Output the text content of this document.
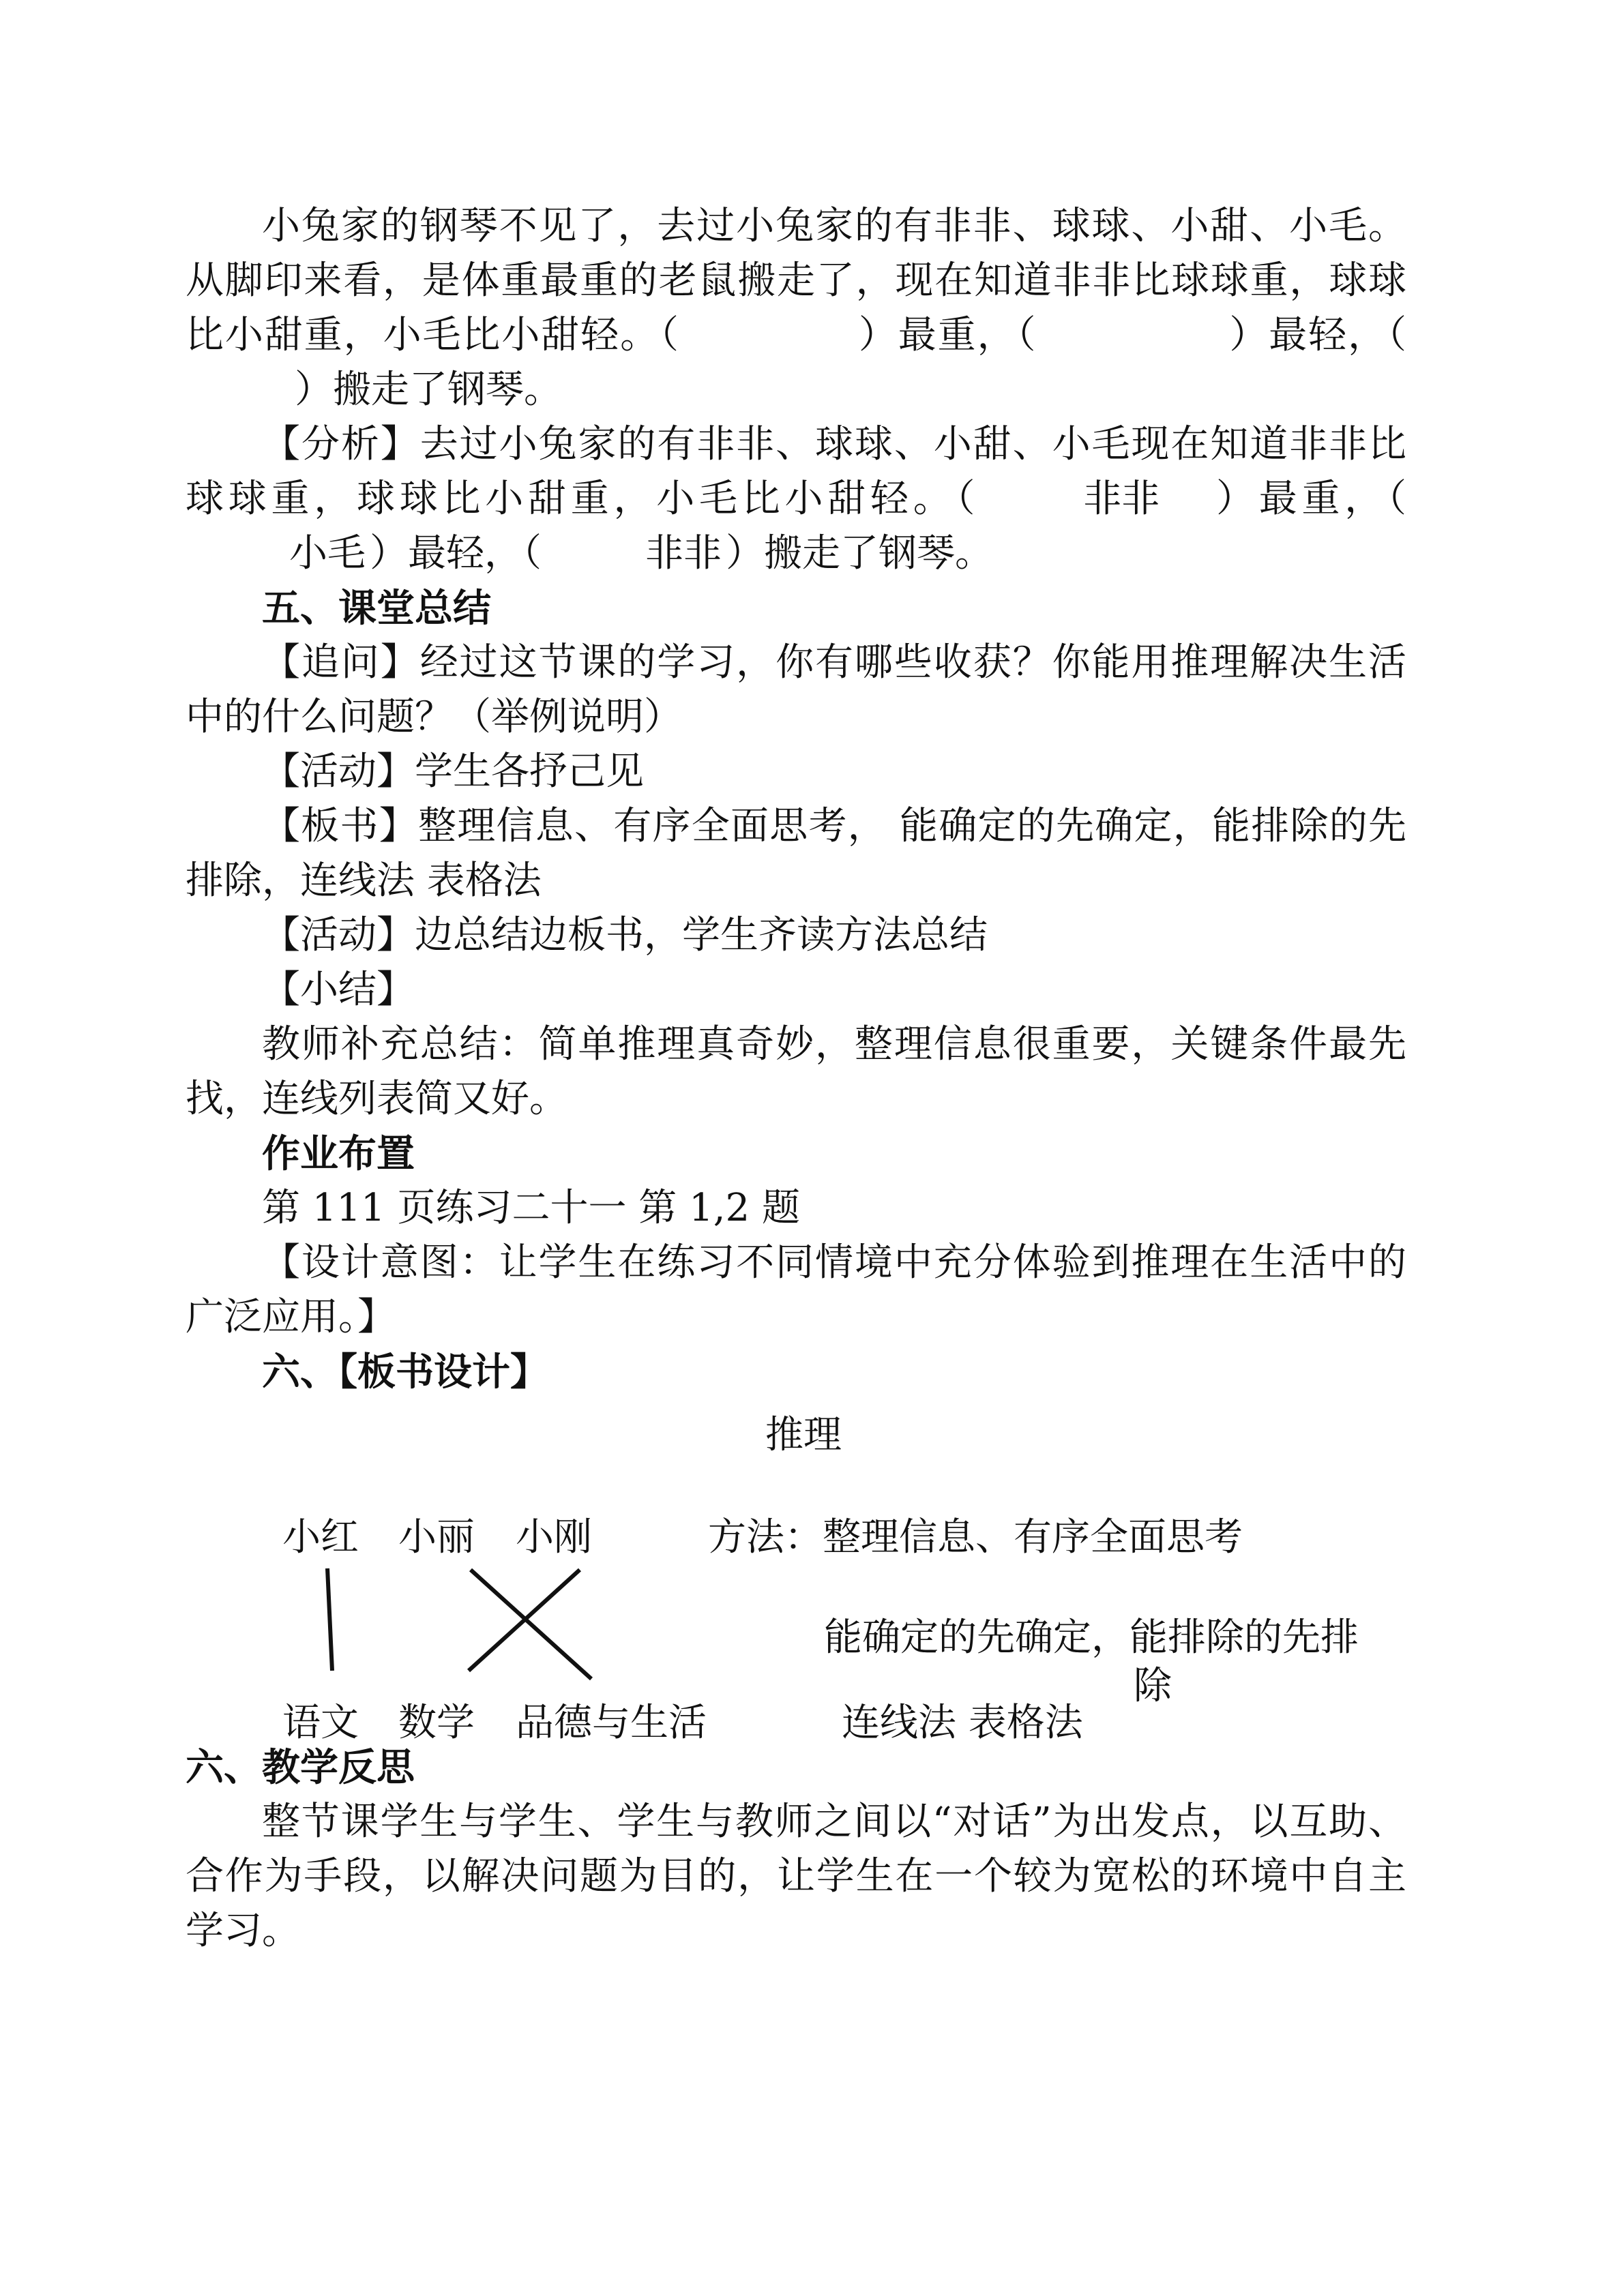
小兔家的钢琴不见了，去过小兔家的有非非、球球、小甜、小毛。从脚印来看，是体重最重的老鼠搬走了，现在知道非非比球球重，球球比小甜重，小毛比小甜轻。（	）最重，（	）最轻，（）搬走了钢琴。

【分析】去过小兔家的有非非、球球、小甜、小毛现在知道非非比球球重，球球比小甜重，小毛比小甜轻。（	非非 ）最重，（小毛 ）最轻，（	非非 ）搬走了钢琴。

五、课堂总结

【追问】经过这节课的学习，你有哪些收获？你能用推理解决生活中的什么问题？（举例说明）

【活动】学生各抒己见

【板书】整理信息、有序全面思考， 能确定的先确定，能排除的先排除，连线法 表格法

【活动】边总结边板书，学生齐读方法总结

【小结】

教师补充总结：简单推理真奇妙，整理信息很重要，关键条件最先找，连线列表简又好。

作业布置

第 111 页练习二十一 第 1,2 题

【设计意图：让学生在练习不同情境中充分体验到推理在生活中的广泛应用。】

六、【板书设计】

推理
小红 小丽 小刚
语文 数学 品德与生活
方法：整理信息、有序全面思考
能确定的先确定，能排除的先排
除
连线法 表格法

六、教学反思

整节课学生与学生、学生与教师之间以“对话”为出发点，以互助、合作为手段，以解决问题为目的，让学生在一个较为宽松的环境中自主学习。
